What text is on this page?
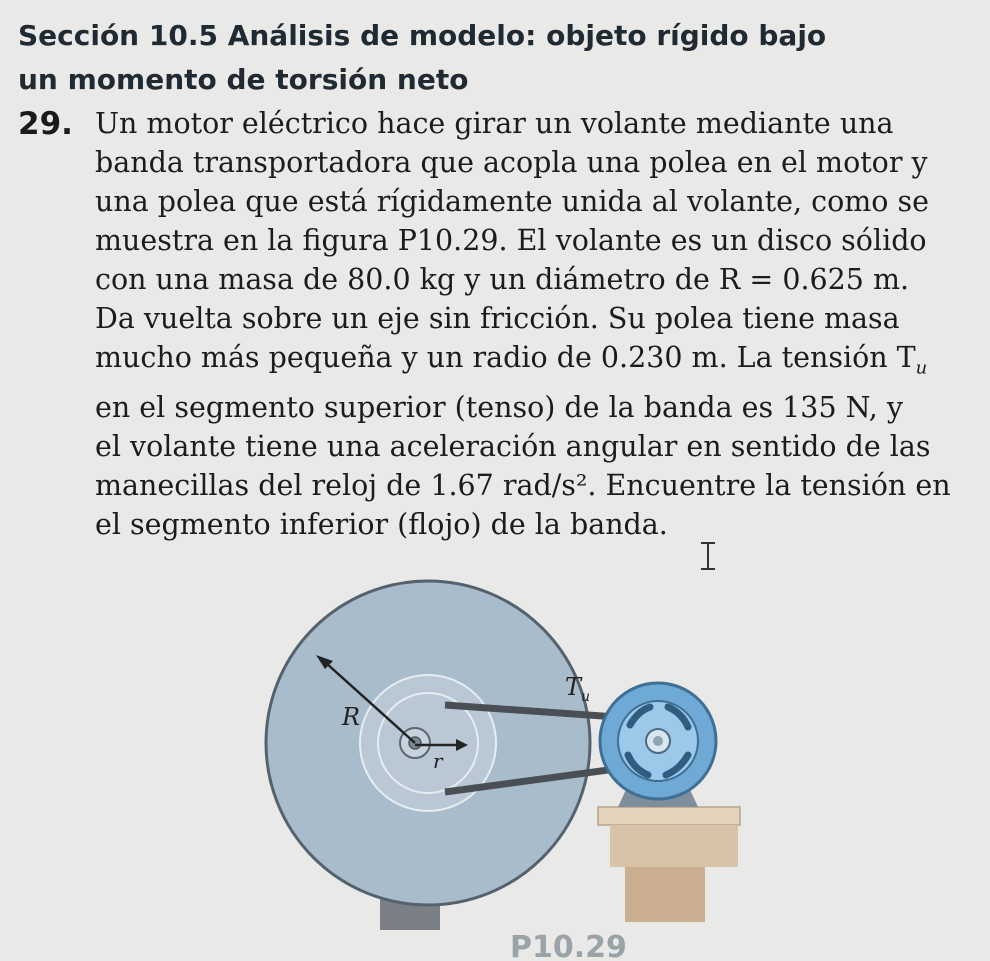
Sección 10.5 Análisis de modelo: objeto rígido bajo
un momento de torsión neto
29. Un motor eléctrico hace girar un volante mediante una
banda transportadora que acopla una polea en el motor y
una polea que está rígidamente unida al volante, como se
muestra en la figura P10.29. El volante es un disco sólido
con una masa de 80.0 kg y un diámetro de R = 0.625 m.
Da vuelta sobre un eje sin fricción. Su polea tiene masa
mucho más pequeña y un radio de 0.230 m. La tensión $T_u$
en el segmento superior (tenso) de la banda es 135 N, y
el volante tiene una aceleración angular en sentido de las
manecillas del reloj de 1.67 rad/s². Encuentre la tensión en
el segmento inferior (flojo) de la banda.
R
r
$T_u$
P10.29
